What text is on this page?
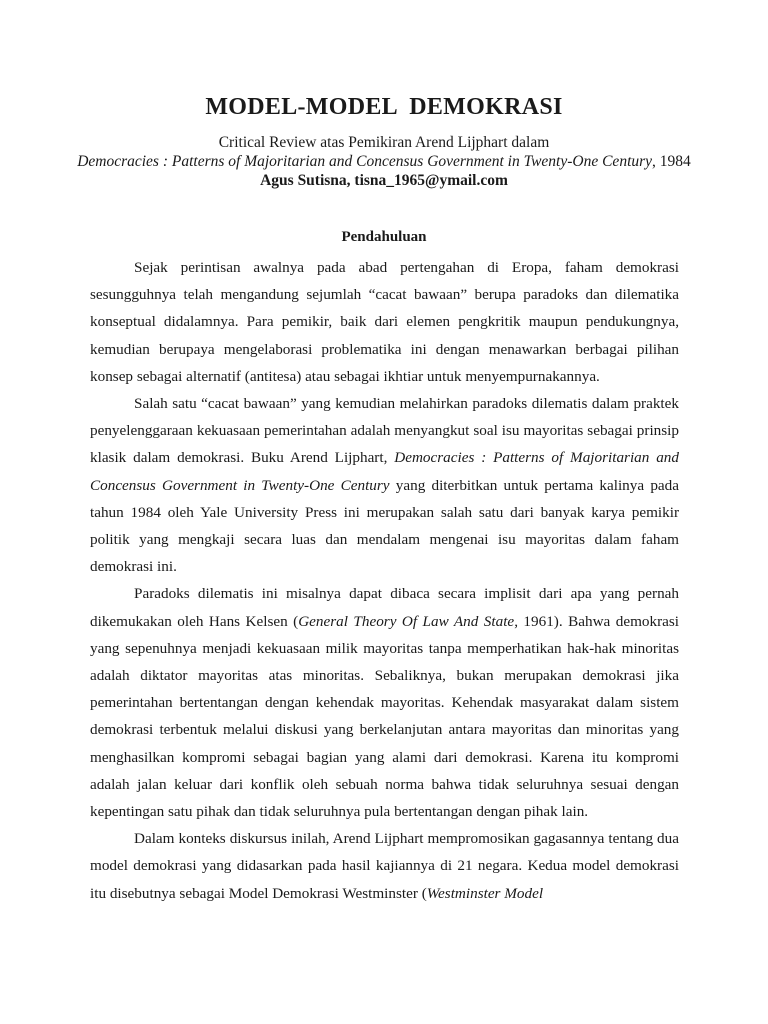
MODEL-MODEL  DEMOKRASI
Critical Review atas Pemikiran Arend Lijphart dalam
Democracies : Patterns of Majoritarian and Concensus Government in Twenty-One Century, 1984
Agus Sutisna, tisna_1965@ymail.com
Pendahuluan

Sejak perintisan awalnya pada abad pertengahan di Eropa, faham demokrasi sesungguhnya telah mengandung sejumlah “cacat bawaan” berupa paradoks dan dilematika konseptual didalamnya. Para pemikir, baik dari elemen pengkritik maupun pendukungnya, kemudian berupaya mengelaborasi problematika ini dengan menawarkan berbagai pilihan konsep sebagai alternatif (antitesa) atau sebagai ikhtiar untuk menyempurnakannya.

Salah satu “cacat bawaan” yang kemudian melahirkan paradoks dilematis dalam praktek penyelenggaraan kekuasaan pemerintahan adalah menyangkut soal isu mayoritas sebagai prinsip klasik dalam demokrasi. Buku Arend Lijphart, Democracies : Patterns of Majoritarian and Concensus Government in Twenty-One Century yang diterbitkan untuk pertama kalinya pada tahun 1984 oleh Yale University Press ini merupakan salah satu dari banyak karya pemikir politik yang mengkaji secara luas dan mendalam mengenai isu mayoritas dalam faham demokrasi ini.

Paradoks dilematis ini misalnya dapat dibaca secara implisit dari apa yang pernah dikemukakan oleh Hans Kelsen (General Theory Of Law And State, 1961). Bahwa demokrasi yang sepenuhnya menjadi kekuasaan milik mayoritas tanpa memperhatikan hak-hak minoritas adalah diktator mayoritas atas minoritas. Sebaliknya, bukan merupakan demokrasi jika pemerintahan bertentangan dengan kehendak mayoritas. Kehendak masyarakat dalam sistem demokrasi terbentuk melalui diskusi yang berkelanjutan antara mayoritas dan minoritas yang menghasilkan kompromi sebagai bagian yang alami dari demokrasi. Karena itu kompromi adalah jalan keluar dari konflik oleh sebuah norma bahwa tidak seluruhnya sesuai dengan kepentingan satu pihak dan tidak seluruhnya pula bertentangan dengan pihak lain.

Dalam konteks diskursus inilah, Arend Lijphart mempromosikan gagasannya tentang dua model demokrasi yang didasarkan pada hasil kajiannya di 21 negara. Kedua model demokrasi itu disebutnya sebagai Model Demokrasi Westminster (Westminster Model
